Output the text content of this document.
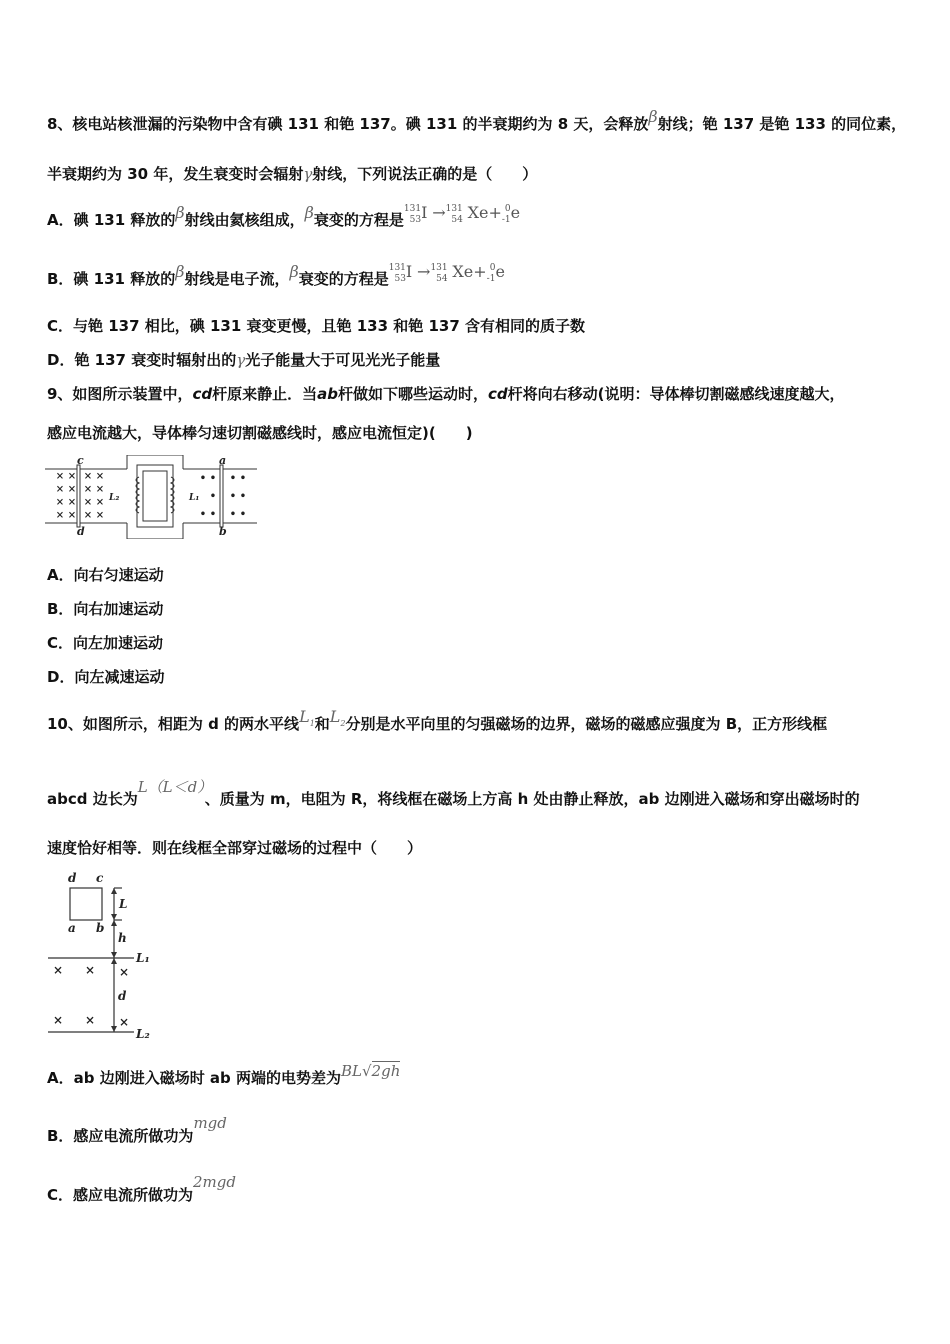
8、核电站核泄漏的污染物中含有碘 131 和铯 137。碘 131 的半衰期约为 8 天，会释放β射线；铯 137 是铯 133 的同位素，
半衰期约为 30 年，发生衰变时会辐射γ射线，下列说法正确的是（　　）
A．碘 131 释放的β射线由氦核组成，β衰变的方程是
131
53 I → 131
54 Xe+ 0
-1 e
B．碘 131 释放的β射线是电子流，β衰变的方程是
131
53 I → 131
54 Xe+ 0
-1 e
C．与铯 137 相比，碘 131 衰变更慢，且铯 133 和铯 137 含有相同的质子数
D．铯 137 衰变时辐射出的γ光子能量大于可见光光子能量
9、如图所示装置中，cd杆原来静止．当ab杆做如下哪些运动时，cd杆将向右移动(说明：导体棒切割磁感线速度越大，
感应电流越大，导体棒匀速切割磁感线时，感应电流恒定)(　　)
c
d
a
b
L₂	L₁
× × × ×
× × × ×
× × × ×
× × × ×
• • • •
• • •
• • • •
A．向右匀速运动
B．向右加速运动
C．向左加速运动
D．向左减速运动
10、如图所示，相距为 d 的两水平线$L_1$和$L_2$分别是水平向里的匀强磁场的边界，磁场的磁感应强度为 B，正方形线框
abcd 边长为L（L＜d）、质量为 m，电阻为 R，将线框在磁场上方高 h 处由静止释放，ab 边刚进入磁场和穿出磁场时的
速度恰好相等．则在线框全部穿过磁场的过程中（　　）
d c
a b
L
h
d
L₁
L₂
× × ×
× × ×
A．ab 边刚进入磁场时 ab 两端的电势差为BL√2gh
B．感应电流所做功为mgd
C．感应电流所做功为2mgd
